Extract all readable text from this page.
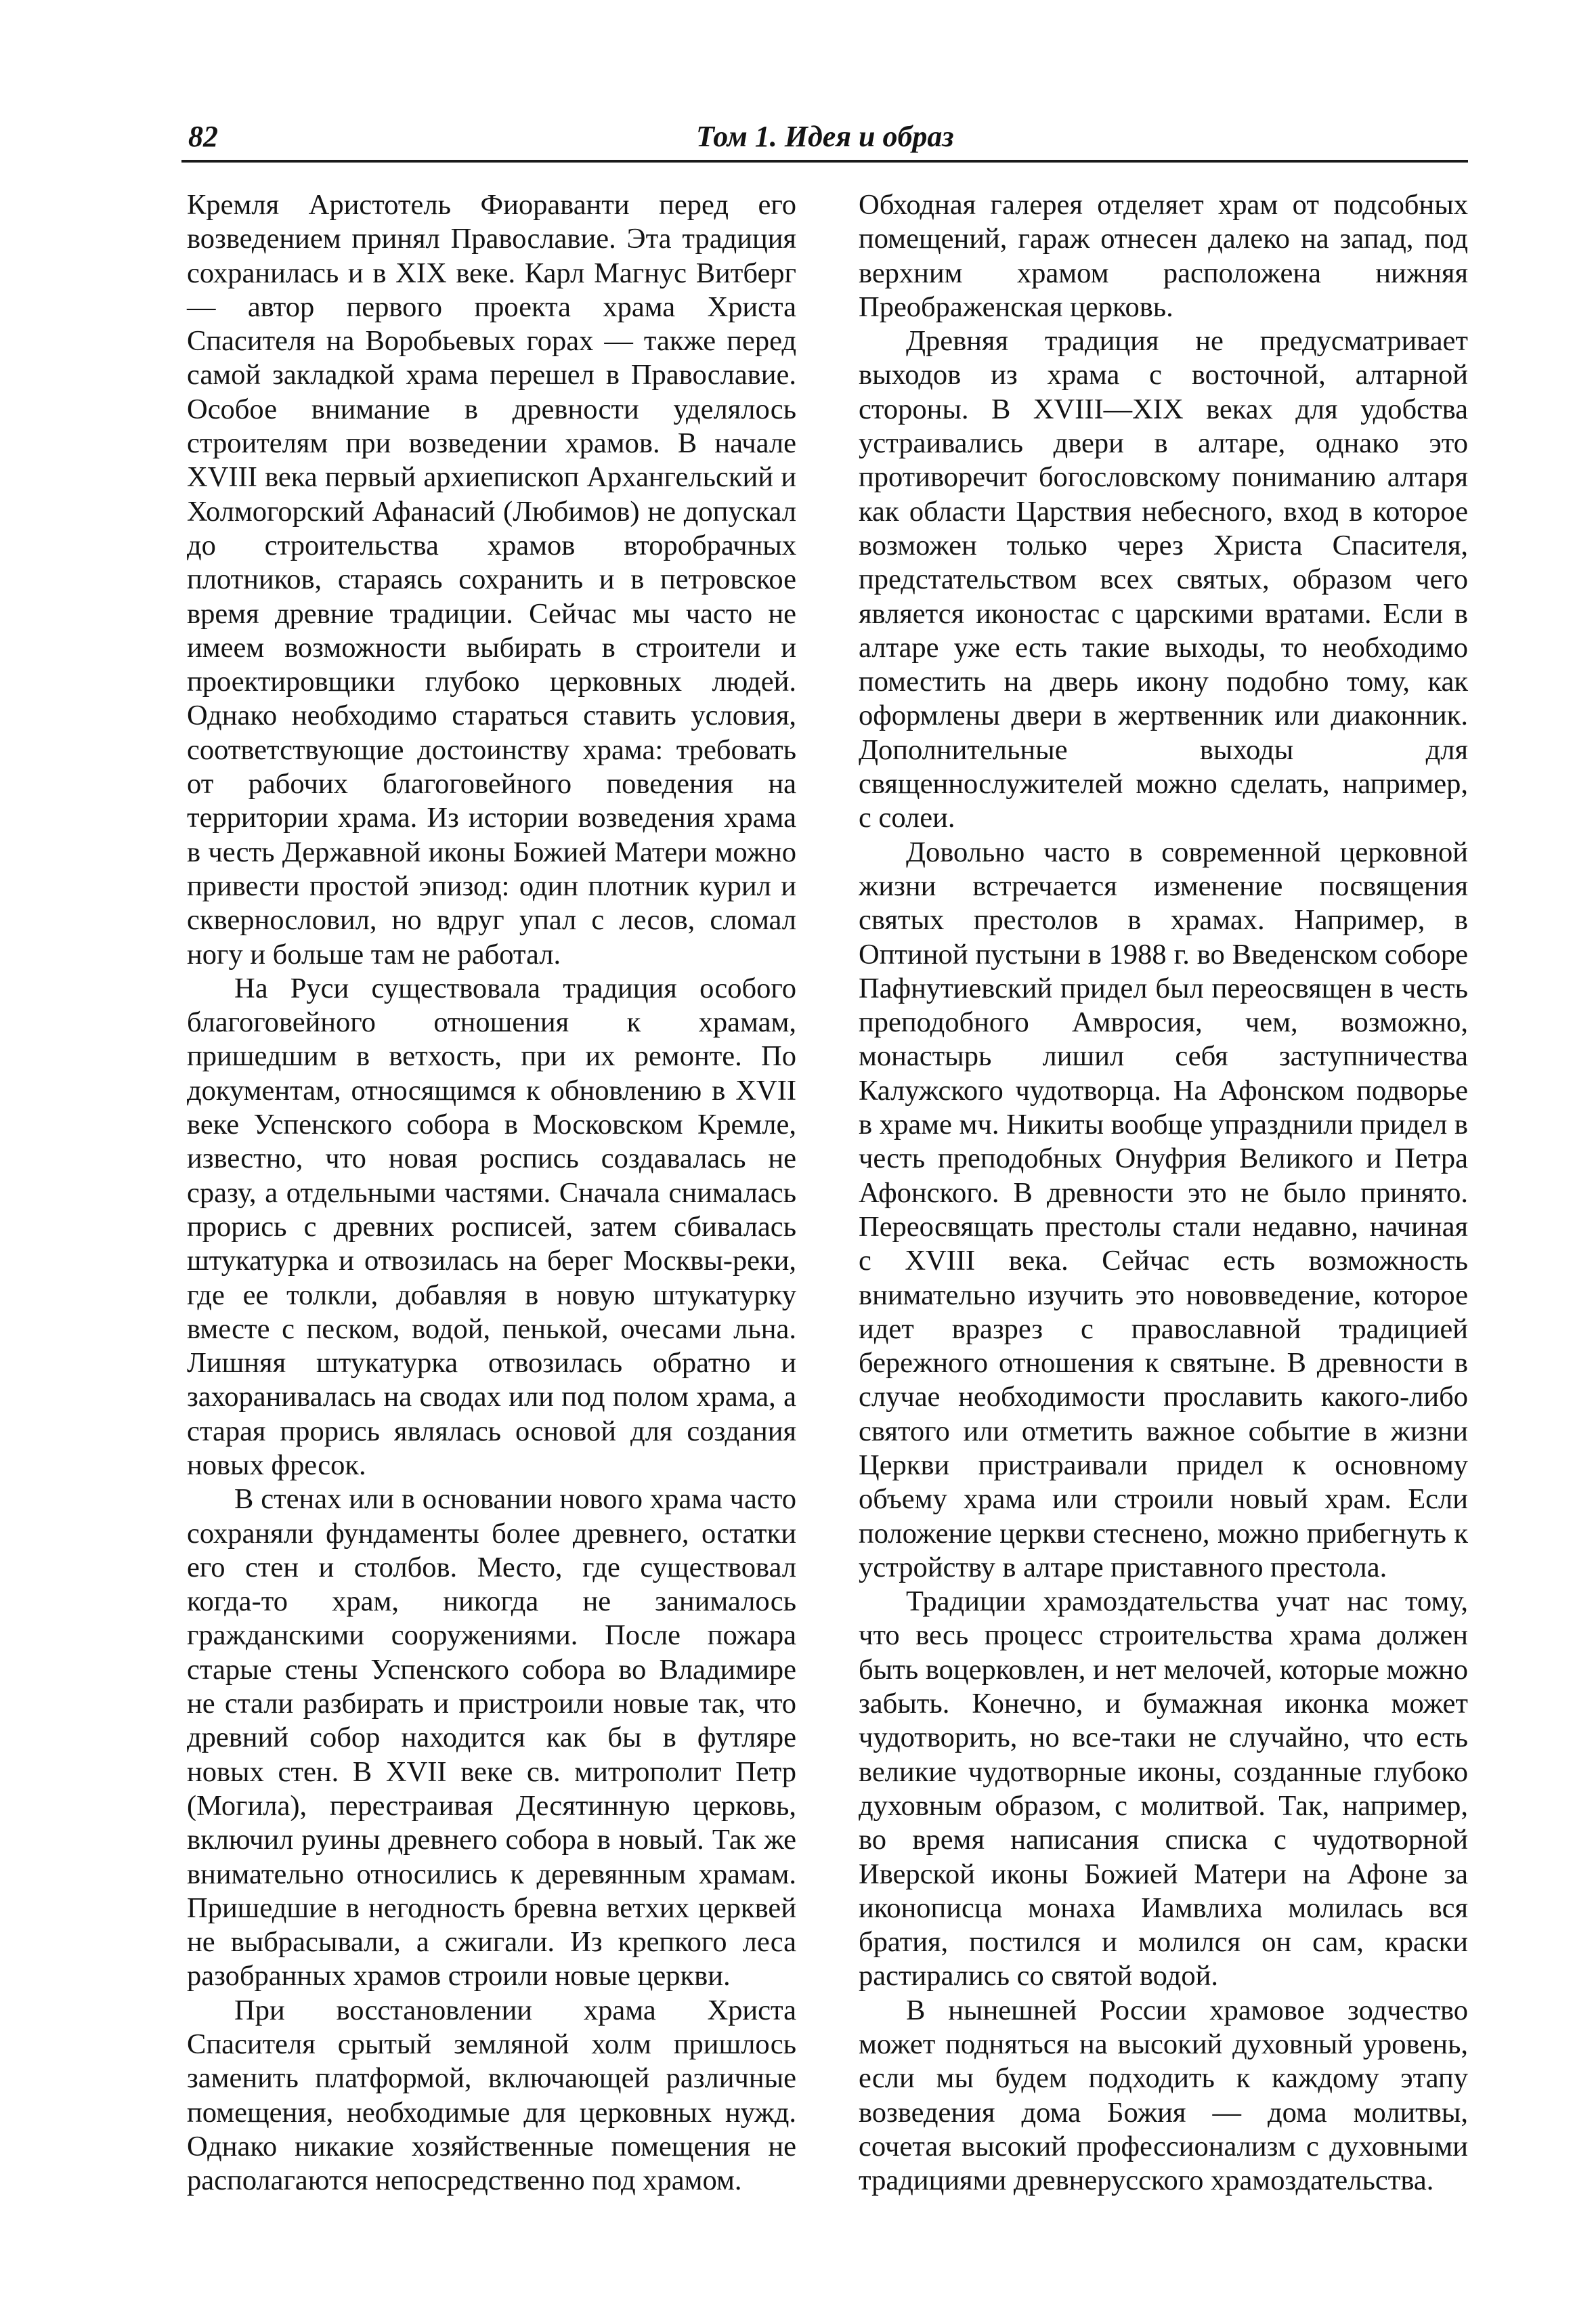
82	Том 1. Идея и образ

Кремля Аристотель Фиораванти перед его возведением принял Православие. Эта традиция сохранилась и в XIX веке. Карл Магнус Витберг — автор первого проекта храма Христа Спасителя на Воробьевых горах — также перед самой закладкой храма перешел в Православие. Особое внимание в древности уделялось строителям при возведении храмов. В начале XVIII века первый архиепископ Архангельский и Холмогорский Афанасий (Любимов) не допускал до строительства храмов второбрачных плотников, стараясь сохранить и в петровское время древние традиции. Сейчас мы часто не имеем возможности выбирать в строители и проектировщики глубоко церковных людей. Однако необходимо стараться ставить условия, соответствующие достоинству храма: требовать от рабочих благоговейного поведения на территории храма. Из истории возведения храма в честь Державной иконы Божией Матери можно привести простой эпизод: один плотник курил и сквернословил, но вдруг упал с лесов, сломал ногу и больше там не работал.

На Руси существовала традиция особого благоговейного отношения к храмам, пришедшим в ветхость, при их ремонте. По документам, относящимся к обновлению в XVII веке Успенского собора в Московском Кремле, известно, что новая роспись создавалась не сразу, а отдельными частями. Сначала снималась прорись с древних росписей, затем сбивалась штукатурка и отвозилась на берег Москвы-реки, где ее толкли, добавляя в новую штукатурку вместе с песком, водой, пенькой, очесами льна. Лишняя штукатурка отвозилась обратно и захоранивалась на сводах или под полом храма, а старая прорись являлась основой для создания новых фресок.

В стенах или в основании нового храма часто сохраняли фундаменты более древнего, остатки его стен и столбов. Место, где существовал когда-то храм, никогда не занималось гражданскими сооружениями. После пожара старые стены Успенского собора во Владимире не стали разбирать и пристроили новые так, что древний собор находится как бы в футляре новых стен. В XVII веке св. митрополит Петр (Могила), перестраивая Десятинную церковь, включил руины древнего собора в новый. Так же внимательно относились к деревянным храмам. Пришедшие в негодность бревна ветхих церквей не выбрасывали, а сжигали. Из крепкого леса разобранных храмов строили новые церкви.

При восстановлении храма Христа Спасителя срытый земляной холм пришлось заменить платформой, включающей различные помещения, необходимые для церковных нужд. Однако никакие хозяйственные помещения не располагаются непосредственно под храмом.

Обходная галерея отделяет храм от подсобных помещений, гараж отнесен далеко на запад, под верхним храмом расположена нижняя Преображенская церковь.

Древняя традиция не предусматривает выходов из храма с восточной, алтарной стороны. В XVIII—XIX веках для удобства устраивались двери в алтаре, однако это противоречит богословскому пониманию алтаря как области Царствия небесного, вход в которое возможен только через Христа Спасителя, предстательством всех святых, образом чего является иконостас с царскими вратами. Если в алтаре уже есть такие выходы, то необходимо поместить на дверь икону подобно тому, как оформлены двери в жертвенник или диаконник. Дополнительные выходы для священнослужителей можно сделать, например, с солеи.

Довольно часто в современной церковной жизни встречается изменение посвящения святых престолов в храмах. Например, в Оптиной пустыни в 1988 г. во Введенском соборе Пафнутиевский придел был переосвящен в честь преподобного Амвросия, чем, возможно, монастырь лишил себя заступничества Калужского чудотворца. На Афонском подворье в храме мч. Никиты вообще упразднили придел в честь преподобных Онуфрия Великого и Петра Афонского. В древности это не было принято. Переосвящать престолы стали недавно, начиная с XVIII века. Сейчас есть возможность внимательно изучить это нововведение, которое идет вразрез с православной традицией бережного отношения к святыне. В древности в случае необходимости прославить какого-либо святого или отметить важное событие в жизни Церкви пристраивали придел к основному объему храма или строили новый храм. Если положение церкви стеснено, можно прибегнуть к устройству в алтаре приставного престола.

Традиции храмоздательства учат нас тому, что весь процесс строительства храма должен быть воцерковлен, и нет мелочей, которые можно забыть. Конечно, и бумажная иконка может чудотворить, но все-таки не случайно, что есть великие чудотворные иконы, созданные глубоко духовным образом, с молитвой. Так, например, во время написания списка с чудотворной Иверской иконы Божией Матери на Афоне за иконописца монаха Иамвлиха молилась вся братия, постился и молился он сам, краски растирались со святой водой.

В нынешней России храмовое зодчество может подняться на высокий духовный уровень, если мы будем подходить к каждому этапу возведения дома Божия — дома молитвы, сочетая высокий профессионализм с духовными традициями древнерусского храмоздательства.
